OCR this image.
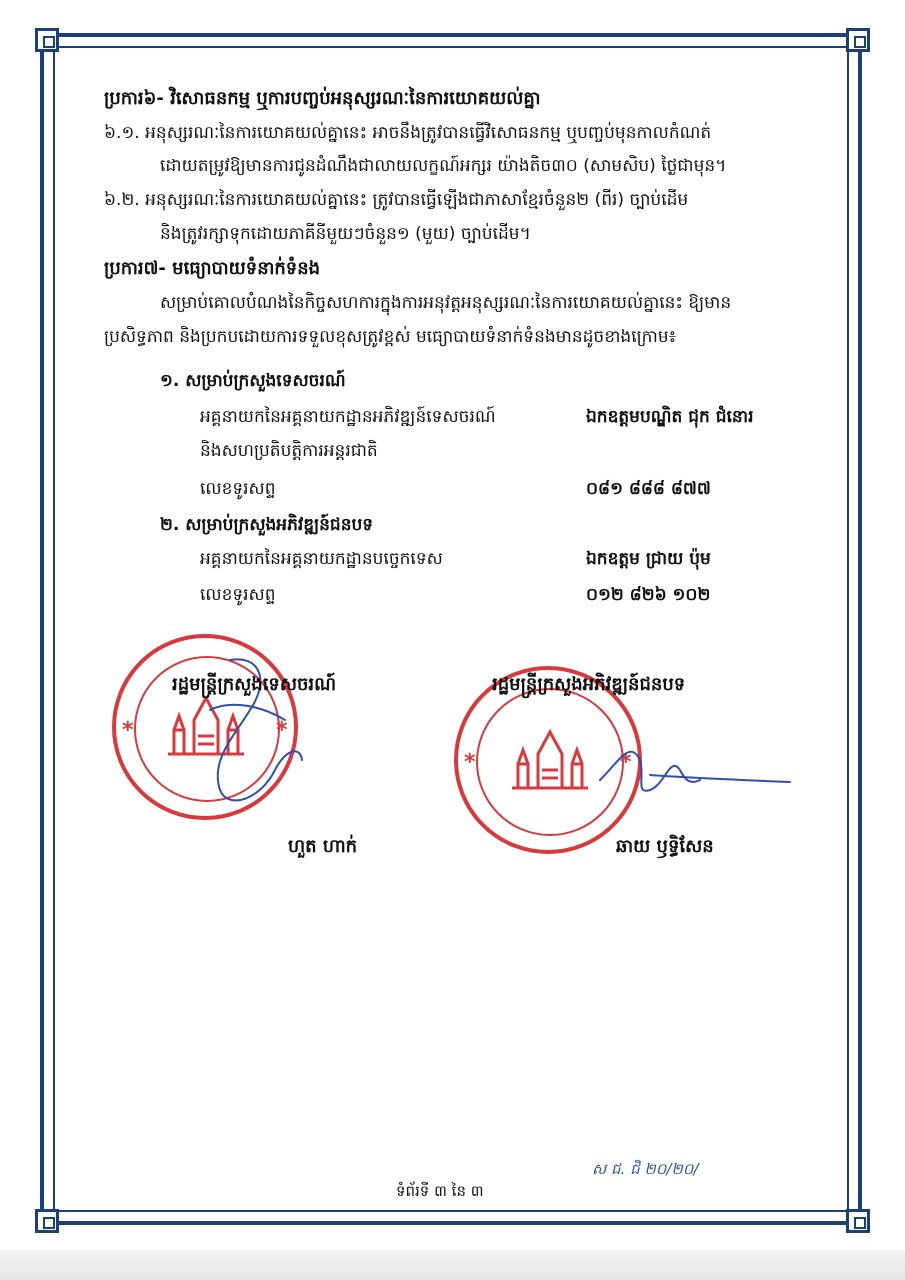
ប្រការ៦- វិសោធនកម្ម ឬការបញ្ចប់អនុស្សរណៈនៃការយោគយល់គ្នា
៦.១. អនុស្សរណៈនៃការយោគយល់គ្នានេះ អាចនឹងត្រូវបានធ្វើវិសោធនកម្ម ឬបញ្ចប់មុនកាលកំណត់
ដោយតម្រូវឱ្យមានការជូនដំណឹងជាលាយលក្ខណ៍អក្សរ យ៉ាងតិច៣០ (សាមសិប) ថ្ងៃជាមុន។
៦.២. អនុស្សរណៈនៃការយោគយល់គ្នានេះ ត្រូវបានធ្វើឡើងជាភាសាខ្មែរចំនួន២ (ពីរ) ច្បាប់ដើម
និងត្រូវរក្សាទុកដោយភាគីនីមួយៗចំនួន១ (មួយ) ច្បាប់ដើម។
ប្រការ៧- មធ្យោបាយទំនាក់ទំនង
សម្រាប់គោលបំណងនៃកិច្ចសហការក្នុងការអនុវត្តអនុស្សរណៈនៃការយោគយល់គ្នានេះ ឱ្យមាន
ប្រសិទ្ធភាព និងប្រកបដោយការទទួលខុសត្រូវខ្ពស់ មធ្យោបាយទំនាក់ទំនងមានដូចខាងក្រោម៖
១. សម្រាប់ក្រសួងទេសចរណ៍
អគ្គនាយកនៃអគ្គនាយកដ្ឋានអភិវឌ្ឍន៍ទេសចរណ៍	ឯកឧត្តមបណ្ឌិត ជុក ជំនោរ
និងសហប្រតិបត្តិការអន្តរជាតិ
លេខទូរសព្ទ	០៨១ ៨៨៨ ៨៧៧
២. សម្រាប់ក្រសួងអភិវឌ្ឍន៍ជនបទ
អគ្គនាយកនៃអគ្គនាយកដ្ឋានបច្ចេកទេស	ឯកឧត្តម ជ្រាយ ប៉ុម
លេខទូរសព្ទ	០១២ ៨២៦ ១០២
*	*
រដ្ឋមន្ត្រីក្រសួងទេសចរណ៍
ហួត ហាក់
*	*
រដ្ឋមន្ត្រីក្រសួងអភិវឌ្ឍន៍ជនបទ
ឆាយ ឫទ្ធិសែន
ទំព័រទី ៣ នៃ ៣
ស ជ. ជិ ២០/២០/
